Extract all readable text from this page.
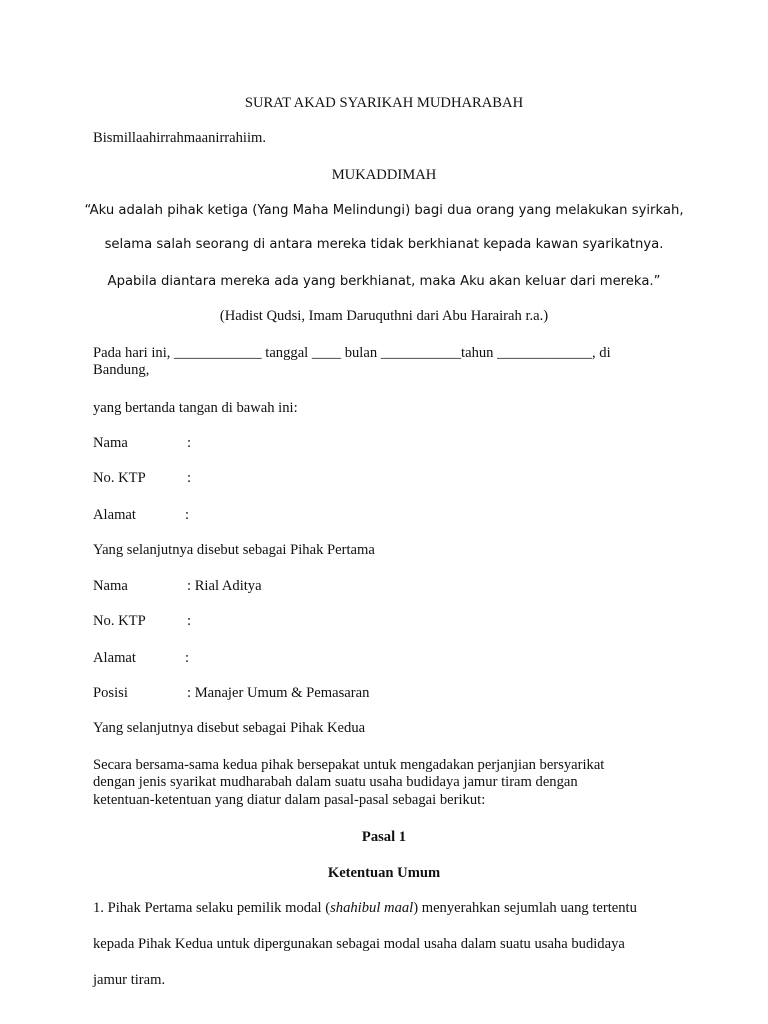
SURAT AKAD SYARIKAH MUDHARABAH
Bismillaahirrahmaanirrahiim.
MUKADDIMAH
“Aku adalah pihak ketiga (Yang Maha Melindungi) bagi dua orang yang melakukan syirkah,
selama salah seorang di antara mereka tidak berkhianat kepada kawan syarikatnya.
Apabila diantara mereka ada yang berkhianat, maka Aku akan keluar dari mereka.”
(Hadist Qudsi, Imam Daruquthni dari Abu Harairah r.a.)
Pada hari ini, ____________ tanggal ____ bulan ___________tahun _____________, di
Bandung,
yang bertanda tangan di bawah ini:
Nama	:
No. KTP	:
Alamat	:
Yang selanjutnya disebut sebagai Pihak Pertama
Nama	: Rial Aditya
No. KTP	:
Alamat	:
Posisi	: Manajer Umum & Pemasaran
Yang selanjutnya disebut sebagai Pihak Kedua
Secara bersama-sama kedua pihak bersepakat untuk mengadakan perjanjian bersyarikat
dengan jenis syarikat mudharabah dalam suatu usaha budidaya jamur tiram dengan
ketentuan-ketentuan yang diatur dalam pasal-pasal sebagai berikut:
Pasal 1
Ketentuan Umum
1. Pihak Pertama selaku pemilik modal (shahibul maal) menyerahkan sejumlah uang tertentu
kepada Pihak Kedua untuk dipergunakan sebagai modal usaha dalam suatu usaha budidaya
jamur tiram.
